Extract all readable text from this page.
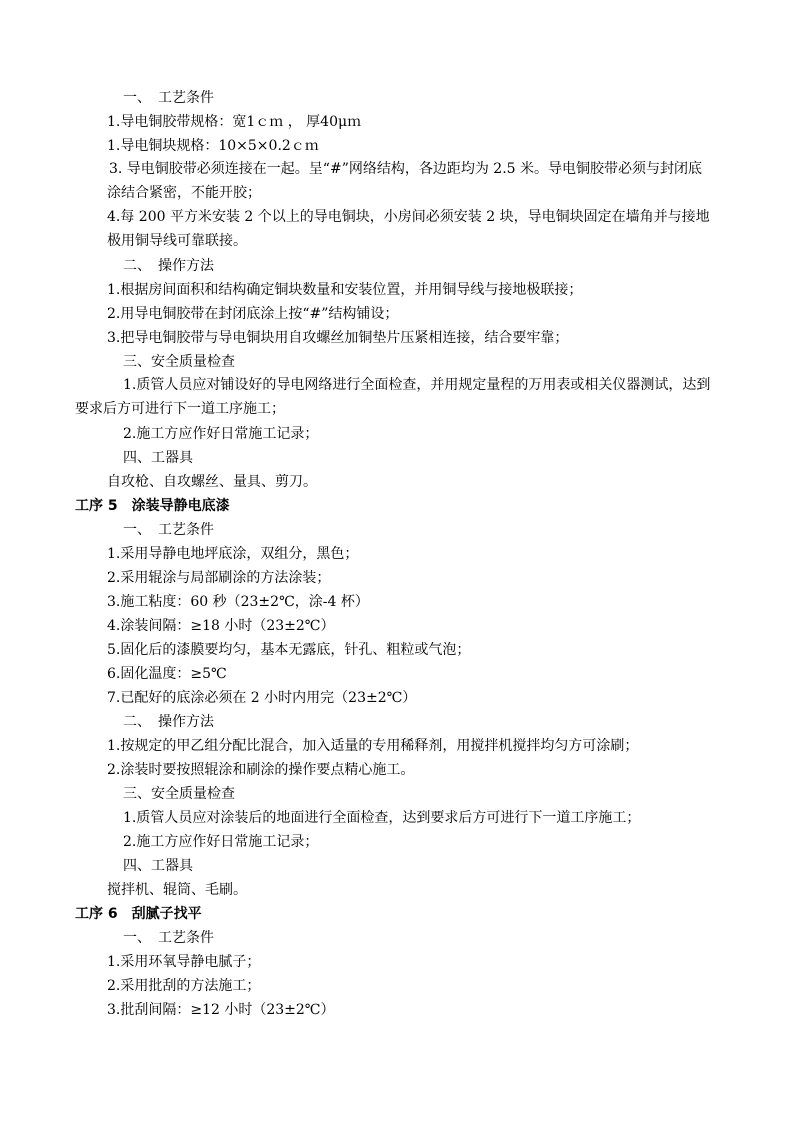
一、　工艺条件
1.导电铜胶带规格：宽1ｃｍ ， 厚40μｍ
1.导电铜块规格：10×5×0.2ｃｍ
3. 导电铜胶带必须连接在一起。呈“#”网络结构，各边距均为 2.5 米。导电铜胶带必须与封闭底涂结合紧密，不能开胶；
4.每 200 平方米安装 2 个以上的导电铜块，小房间必须安装 2 块，导电铜块固定在墙角并与接地极用铜导线可靠联接。
二、　操作方法
1.根据房间面积和结构确定铜块数量和安装位置，并用铜导线与接地极联接；
2.用导电铜胶带在封闭底涂上按“#”结构铺设；
3.把导电铜胶带与导电铜块用自攻螺丝加铜垫片压紧相连接，结合要牢靠；
三、安全质量检查
1.质管人员应对铺设好的导电网络进行全面检查，并用规定量程的万用表或相关仪器测试，达到要求后方可进行下一道工序施工；
2.施工方应作好日常施工记录；
四、工器具
自攻枪、自攻螺丝、量具、剪刀。
工序 5　涂装导静电底漆
一、　工艺条件
1.采用导静电地坪底涂，双组分，黑色；
2.采用辊涂与局部刷涂的方法涂装；
3.施工粘度：60 秒（23±2℃，涂-4 杯）
4.涂装间隔：≥18 小时（23±2℃）
5.固化后的漆膜要均匀，基本无露底，针孔、粗粒或气泡；
6.固化温度：≥5℃
7.已配好的底涂必须在 2 小时内用完（23±2℃）
二、　操作方法
1.按规定的甲乙组分配比混合，加入适量的专用稀释剂，用搅拌机搅拌均匀方可涂刷；
2.涂装时要按照辊涂和刷涂的操作要点精心施工。
三、安全质量检查
1.质管人员应对涂装后的地面进行全面检查，达到要求后方可进行下一道工序施工；
2.施工方应作好日常施工记录；
四、工器具
搅拌机、辊筒、毛刷。
工序 6　刮腻子找平
一、　工艺条件
1.采用环氧导静电腻子；
2.采用批刮的方法施工；
3.批刮间隔：≥12 小时（23±2℃）
